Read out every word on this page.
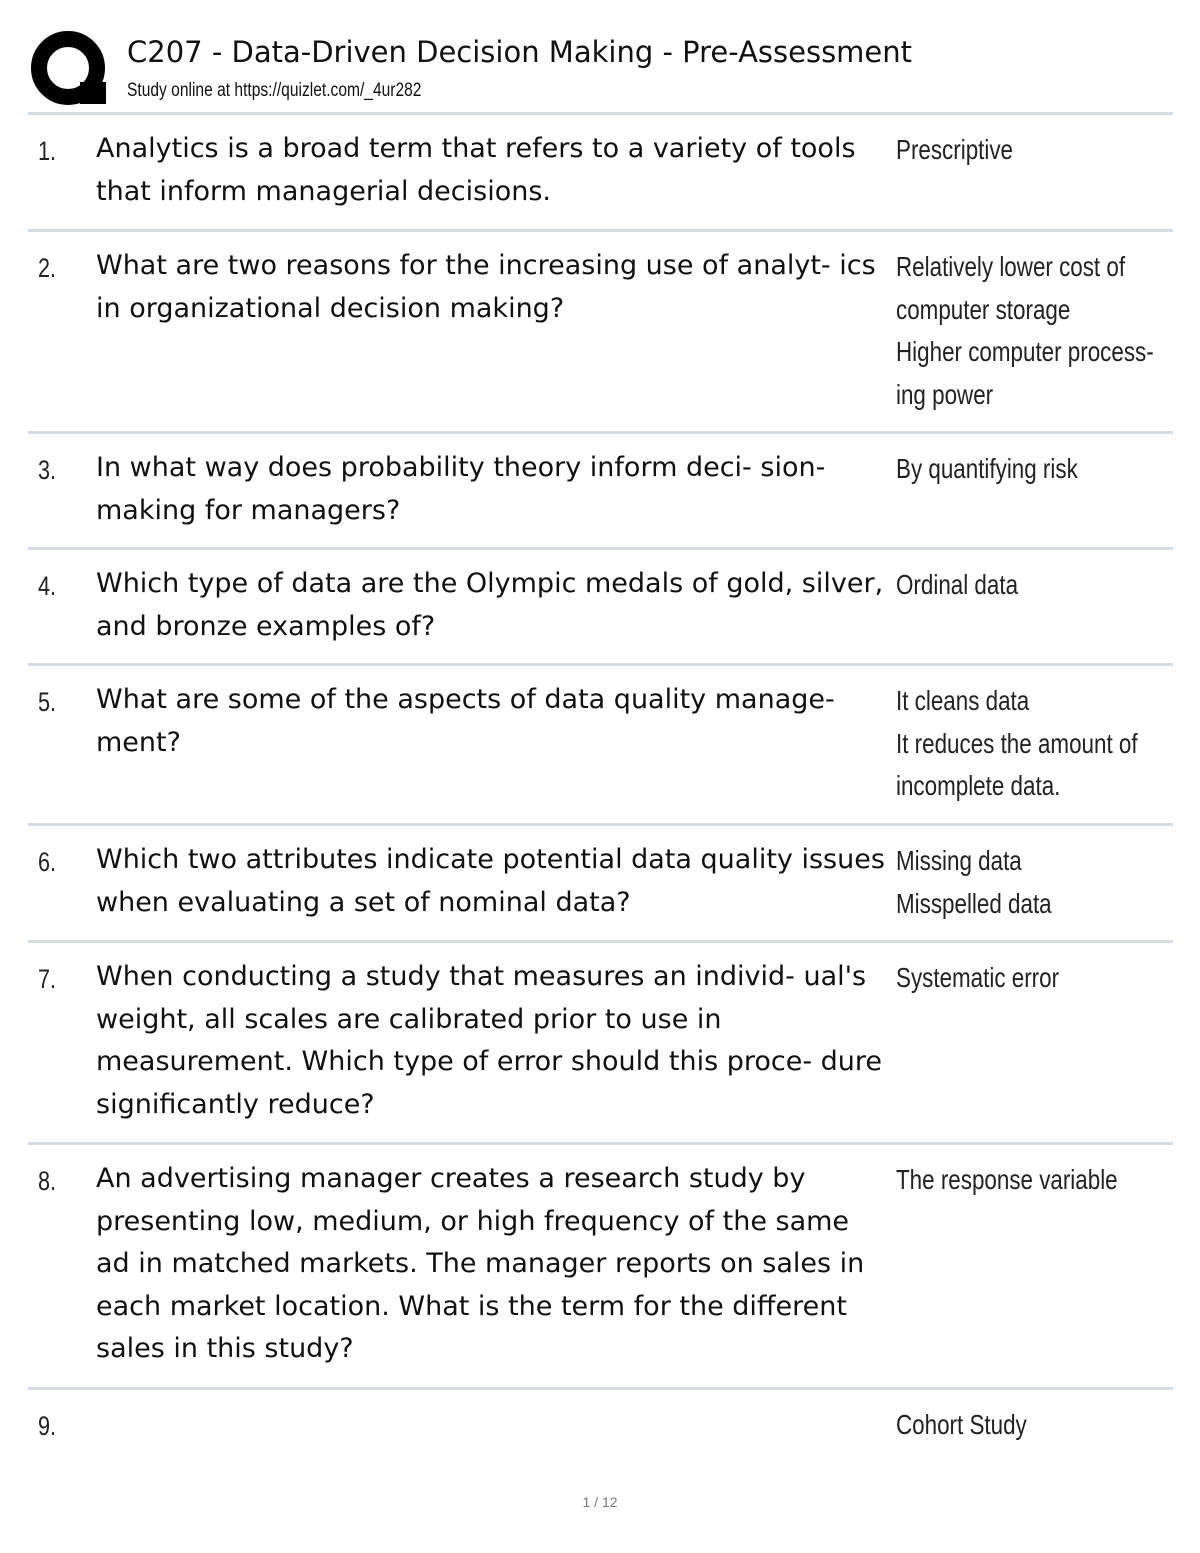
C207 - Data-Driven Decision Making - Pre-Assessment
Study online at https://quizlet.com/_4ur282
1. Analytics is a broad term that refers to a variety of tools that inform managerial decisions.
Prescriptive
2. What are two reasons for the increasing use of analyt- ics in organizational decision making?
Relatively lower cost of
computer storage
Higher computer process-
ing power
3. In what way does probability theory inform deci- sion-making for managers?
By quantifying risk
4. Which type of data are the Olympic medals of gold, silver, and bronze examples of?
Ordinal data
5. What are some of the aspects of data quality manage- ment?
It cleans data
It reduces the amount of
incomplete data.
6. Which two attributes indicate potential data quality issues when evaluating a set of nominal data?
Missing data
Misspelled data
7. When conducting a study that measures an individ- ual's weight, all scales are calibrated prior to use in measurement. Which type of error should this proce- dure significantly reduce?
Systematic error
8. An advertising manager creates a research study by presenting low, medium, or high frequency of the same ad in matched markets. The manager reports on sales in each market location. What is the term for the different sales in this study?
The response variable
9.	Cohort Study
1 / 12
